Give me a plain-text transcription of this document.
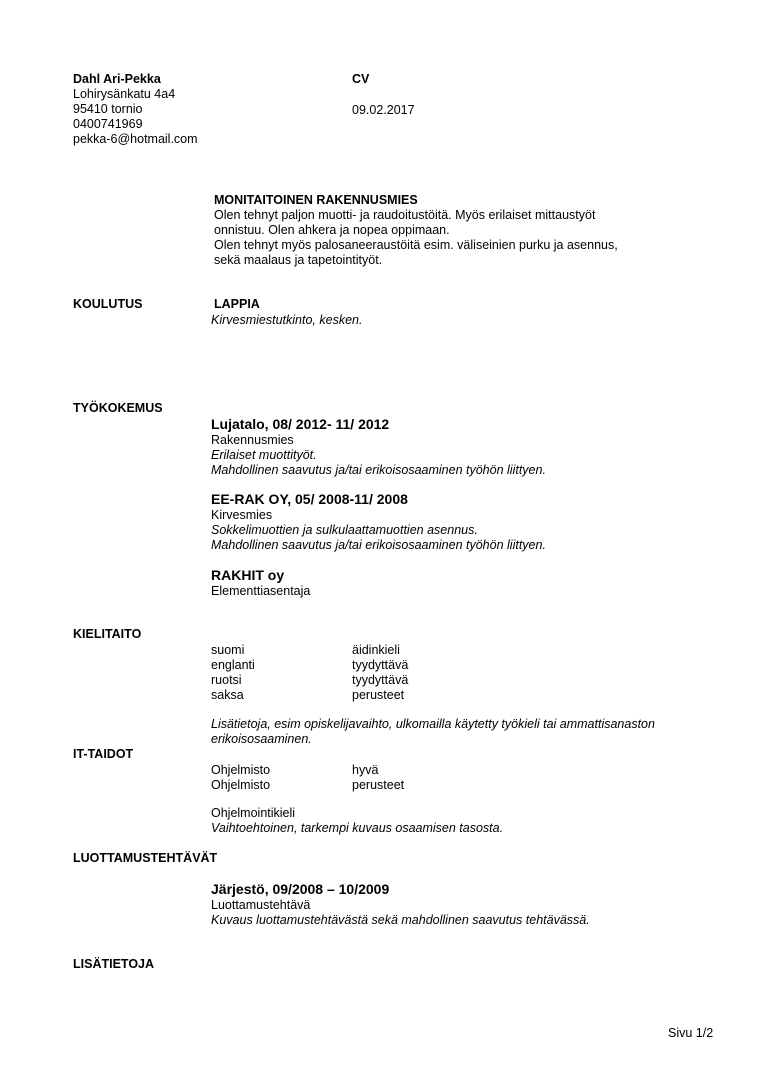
Dahl Ari-Pekka
Lohirysänkatu 4a4
95410 tornio
0400741969
pekka-6@hotmail.com
CV
09.02.2017
MONITAITOINEN RAKENNUSMIES
Olen tehnyt paljon muotti- ja raudoitustöitä. Myös erilaiset mittaustyöt
onnistuu. Olen ahkera ja nopea oppimaan.
Olen tehnyt myös palosaneeraustöitä esim. väliseinien purku ja asennus,
sekä maalaus ja tapetointityöt.
KOULUTUS	LAPPIA
Kirvesmiestutkinto, kesken.
TYÖKOKEMUS
Lujatalo, 08/ 2012- 11/ 2012
Rakennusmies
Erilaiset muottityöt.
Mahdollinen saavutus ja/tai erikoisosaaminen työhön liittyen.
EE-RAK OY, 05/ 2008-11/ 2008
Kirvesmies
Sokkelimuottien ja sulkulaattamuottien asennus.
Mahdollinen saavutus ja/tai erikoisosaaminen työhön liittyen.
RAKHIT oy
Elementtiasentaja
KIELITAITO
suomi	äidinkieli
englanti	tyydyttävä
ruotsi	tyydyttävä
saksa	perusteet
Lisätietoja, esim opiskelijavaihto, ulkomailla käytetty työkieli tai ammattisanaston
erikoisosaaminen.
IT-TAIDOT
Ohjelmisto	hyvä
Ohjelmisto	perusteet
Ohjelmointikieli
Vaihtoehtoinen, tarkempi kuvaus osaamisen tasosta.
LUOTTAMUSTEHTÄVÄT
Järjestö, 09/2008 – 10/2009
Luottamustehtävä
Kuvaus luottamustehtävästä sekä mahdollinen saavutus tehtävässä.
LISÄTIETOJA
Sivu 1/2
